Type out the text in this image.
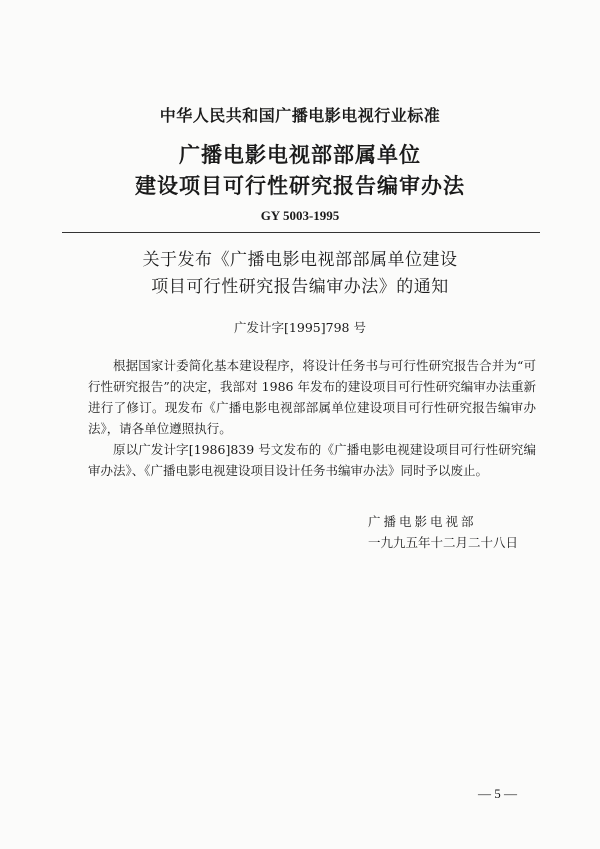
中华人民共和国广播电影电视行业标准
广播电影电视部部属单位
建设项目可行性研究报告编审办法
GY 5003-1995
关于发布《广播电影电视部部属单位建设
项目可行性研究报告编审办法》的通知
广发计字[1995]798 号
根据国家计委简化基本建设程序，将设计任务书与可行性研究报告合并为“可行性研究报告”的决定，我部对 1986 年发布的建设项目可行性研究编审办法重新进行了修订。现发布《广播电影电视部部属单位建设项目可行性研究报告编审办法》，请各单位遵照执行。
原以广发计字[1986]839 号文发布的《广播电影电视建设项目可行性研究编审办法》、《广播电影电视建设项目设计任务书编审办法》同时予以废止。
广播电影电视部
一九九五年十二月二十八日
— 5 —
